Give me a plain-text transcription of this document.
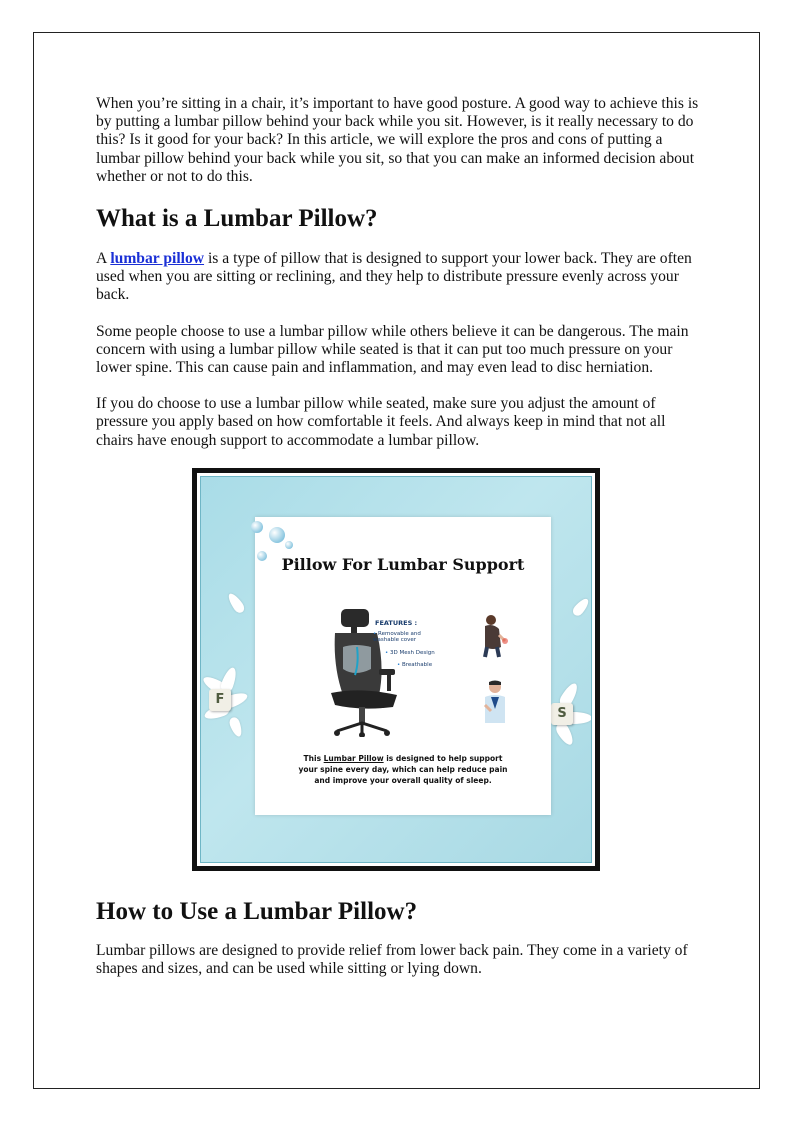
When you’re sitting in a chair, it’s important to have good posture. A good way to achieve this is by putting a lumbar pillow behind your back while you sit. However, is it really necessary to do this? Is it good for your back? In this article, we will explore the pros and cons of putting a lumbar pillow behind your back while you sit, so that you can make an informed decision about whether or not to do this.

What is a Lumbar Pillow?

A lumbar pillow is a type of pillow that is designed to support your lower back. They are often used when you are sitting or reclining, and they help to distribute pressure evenly across your back.

Some people choose to use a lumbar pillow while others believe it can be dangerous. The main concern with using a lumbar pillow while seated is that it can put too much pressure on your lower spine. This can cause pain and inflammation, and may even lead to disc herniation.

If you do choose to use a lumbar pillow while seated, make sure you adjust the amount of pressure you apply based on how comfortable it feels. And always keep in mind that not all chairs have enough support to accommodate a lumbar pillow.

F
S
Pillow For Lumbar Support
FEATURES :
• Removable and washable cover
• 3D Mesh Design
• Breathable
This Lumbar Pillow is designed to help support your spine every day, which can help reduce pain and improve your overall quality of sleep.
How to Use a Lumbar Pillow?

Lumbar pillows are designed to provide relief from lower back pain. They come in a variety of shapes and sizes, and can be used while sitting or lying down.
